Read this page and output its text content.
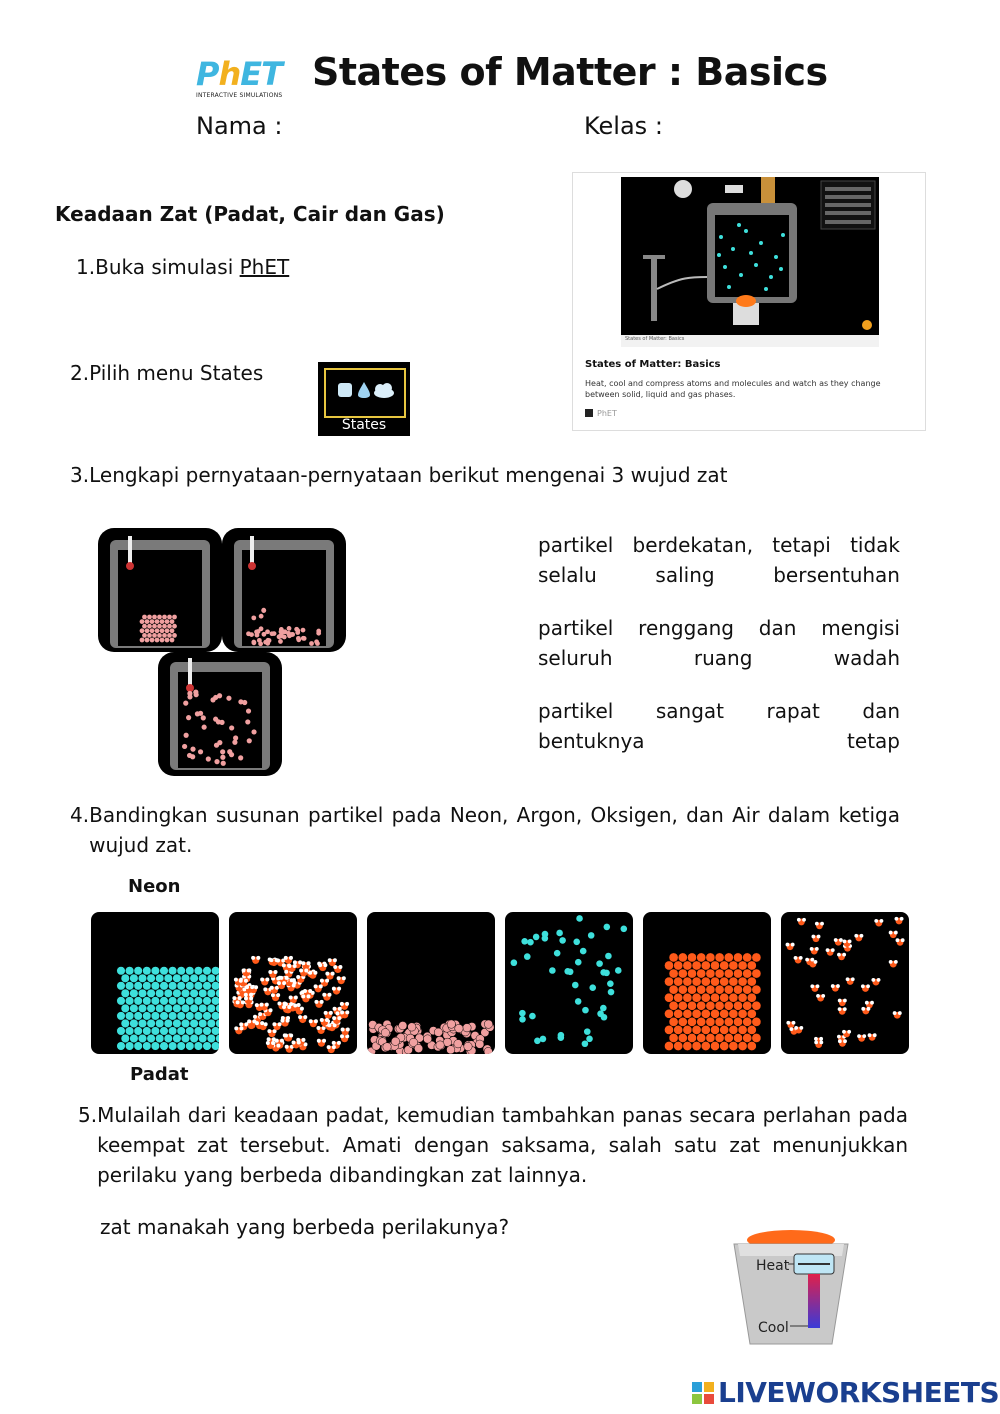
PhET
INTERACTIVE SIMULATIONS
States of Matter : Basics
Nama :	Kelas :
Keadaan Zat (Padat, Cair dan Gas)
1.Buka simulasi PhET
2.Pilih menu States
States
States of Matter: Basics
States of Matter: Basics
Heat, cool and compress atoms and molecules and watch as they change between solid, liquid and gas phases.
PhET
3.Lengkapi pernyataan-pernyataan berikut mengenai 3 wujud zat
partikel berdekatan, tetapi tidak selalu saling bersentuhan
partikel renggang dan mengisi seluruh ruang wadah
partikel sangat rapat dan bentuknya tetap
4. Bandingkan susunan partikel pada Neon, Argon, Oksigen, dan Air dalam ketiga wujud zat.
Neon
Padat
5. Mulailah dari keadaan padat, kemudian tambahkan panas secara perlahan pada keempat zat tersebut. Amati dengan saksama, salah satu zat menunjukkan perilaku yang berbeda dibandingkan zat lainnya.
zat manakah yang berbeda perilakunya?
Heat
Cool
LIVEWORKSHEETS
